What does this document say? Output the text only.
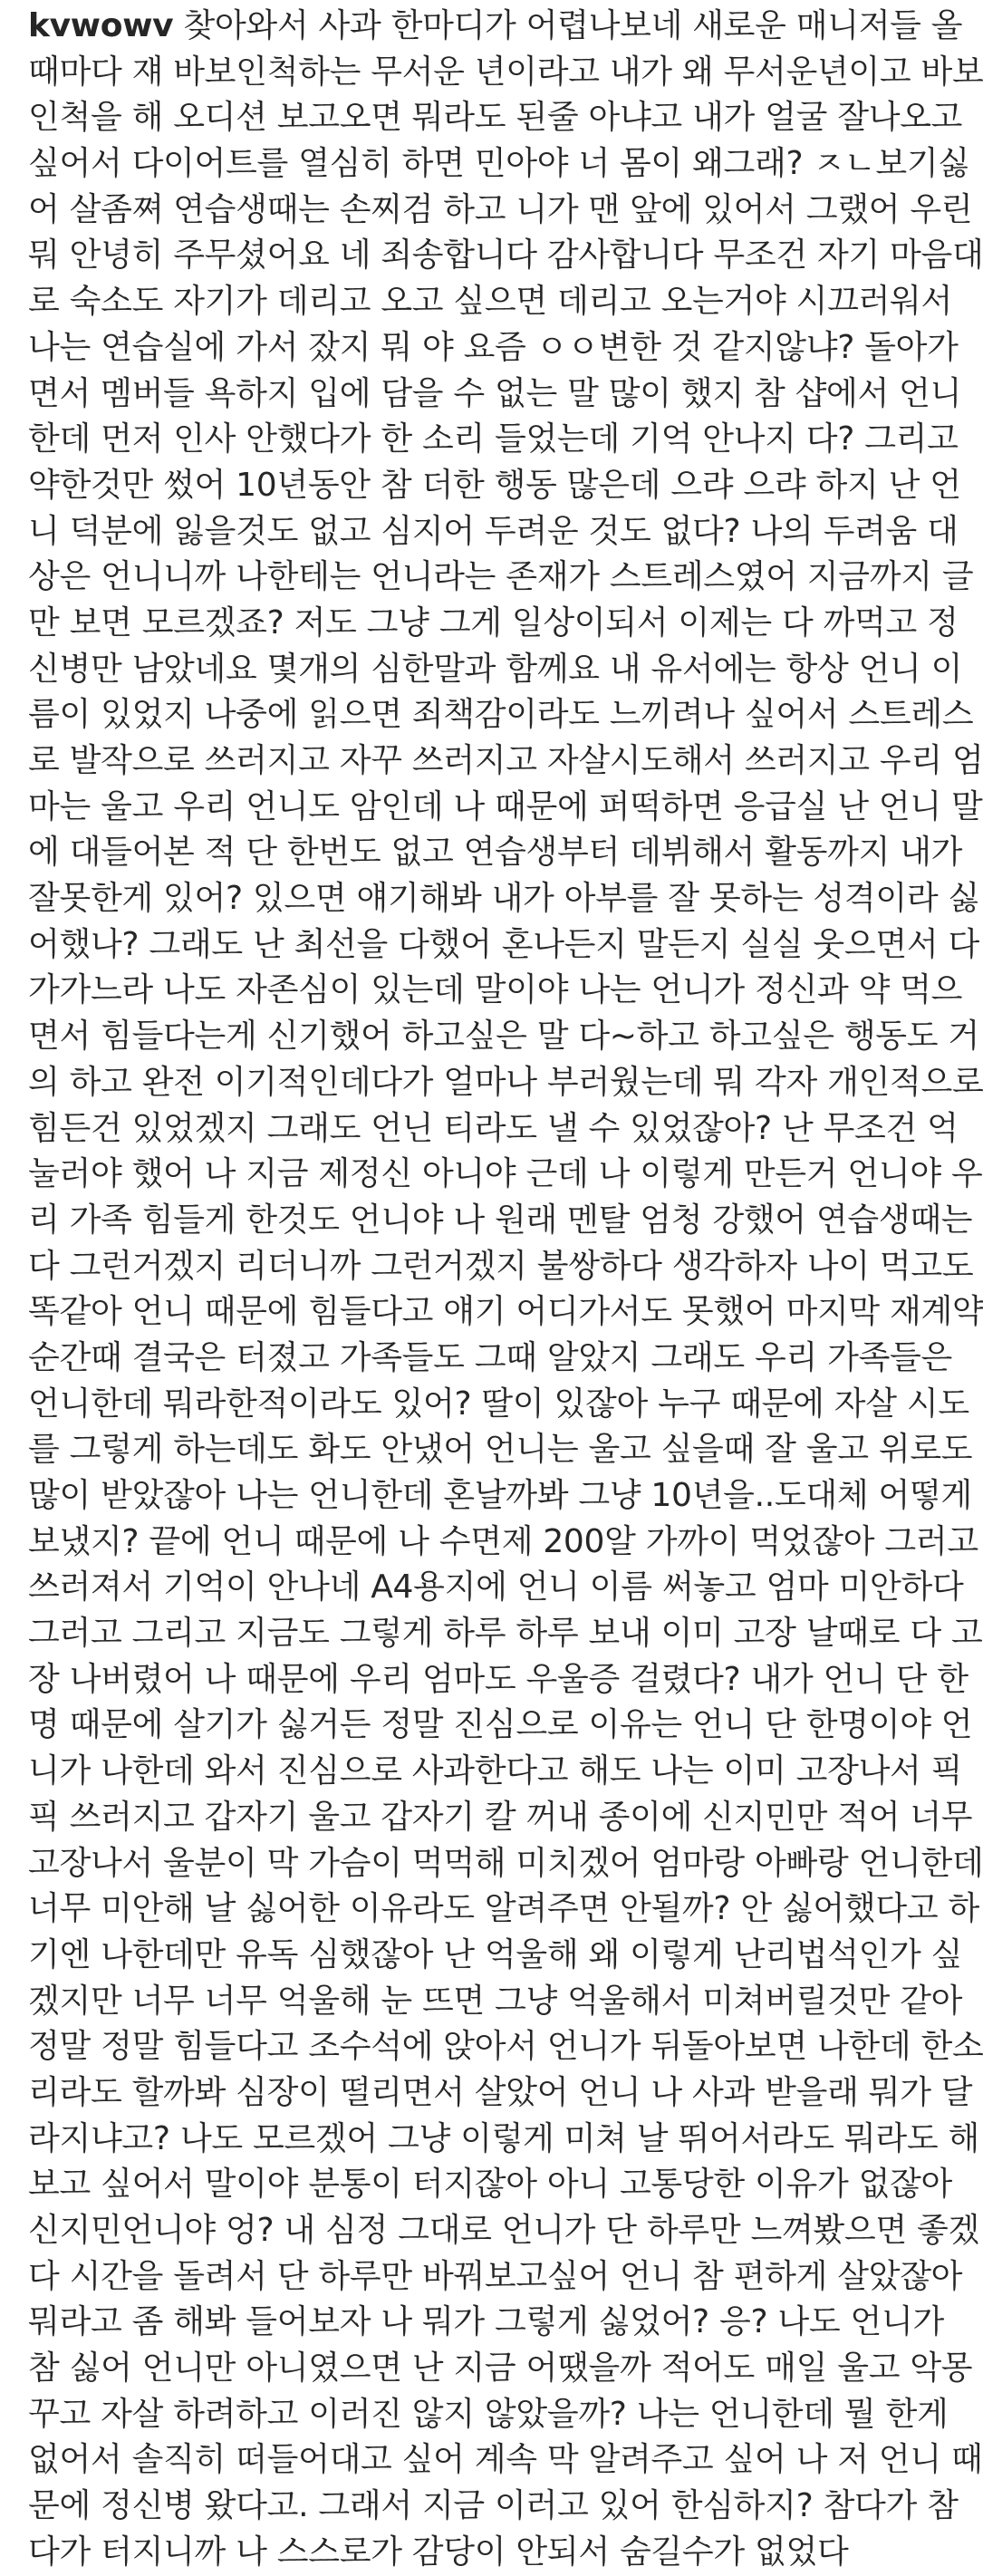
kvwowv 찾아와서 사과 한마디가 어렵나보네 새로운 매니저들 올
때마다 쟤 바보인척하는 무서운 년이라고 내가 왜 무서운년이고 바보
인척을 해 오디션 보고오면 뭐라도 된줄 아냐고 내가 얼굴 잘나오고
싶어서 다이어트를 열심히 하면 민아야 너 몸이 왜그래? ㅈㄴ보기싫
어 살좀쪄 연습생때는 손찌검 하고 니가 맨 앞에 있어서 그랬어 우린
뭐 안녕히 주무셨어요 네 죄송합니다 감사합니다 무조건 자기 마음대
로 숙소도 자기가 데리고 오고 싶으면 데리고 오는거야 시끄러워서
나는 연습실에 가서 잤지 뭐 야 요즘 ㅇㅇ변한 것 같지않냐? 돌아가
면서 멤버들 욕하지 입에 담을 수 없는 말 많이 했지 참 샵에서 언니
한데 먼저 인사 안했다가 한 소리 들었는데 기억 안나지 다? 그리고
약한것만 썼어 10년동안 참 더한 행동 많은데 으랴 으랴 하지 난 언
니 덕분에 잃을것도 없고 심지어 두려운 것도 없다? 나의 두려움 대
상은 언니니까 나한테는 언니라는 존재가 스트레스였어 지금까지 글
만 보면 모르겠죠? 저도 그냥 그게 일상이되서 이제는 다 까먹고 정
신병만 남았네요 몇개의 심한말과 함께요 내 유서에는 항상 언니 이
름이 있었지 나중에 읽으면 죄책감이라도 느끼려나 싶어서 스트레스
로 발작으로 쓰러지고 자꾸 쓰러지고 자살시도해서 쓰러지고 우리 엄
마는 울고 우리 언니도 암인데 나 때문에 퍼떡하면 응급실 난 언니 말
에 대들어본 적 단 한번도 없고 연습생부터 데뷔해서 활동까지 내가
잘못한게 있어? 있으면 얘기해봐 내가 아부를 잘 못하는 성격이라 싫
어했나? 그래도 난 최선을 다했어 혼나든지 말든지 실실 웃으면서 다
가가느라 나도 자존심이 있는데 말이야 나는 언니가 정신과 약 먹으
면서 힘들다는게 신기했어 하고싶은 말 다~하고 하고싶은 행동도 거
의 하고 완전 이기적인데다가 얼마나 부러웠는데 뭐 각자 개인적으로
힘든건 있었겠지 그래도 언닌 티라도 낼 수 있었잖아? 난 무조건 억
눌러야 했어 나 지금 제정신 아니야 근데 나 이렇게 만든거 언니야 우
리 가족 힘들게 한것도 언니야 나 원래 멘탈 엄청 강했어 연습생때는
다 그런거겠지 리더니까 그런거겠지 불쌍하다 생각하자 나이 먹고도
똑같아 언니 때문에 힘들다고 얘기 어디가서도 못했어 마지막 재계약
순간때 결국은 터졌고 가족들도 그때 알았지 그래도 우리 가족들은
언니한데 뭐라한적이라도 있어? 딸이 있잖아 누구 때문에 자살 시도
를 그렇게 하는데도 화도 안냈어 언니는 울고 싶을때 잘 울고 위로도
많이 받았잖아 나는 언니한데 혼날까봐 그냥 10년을..도대체 어떻게
보냈지? 끝에 언니 때문에 나 수면제 200알 가까이 먹었잖아 그러고
쓰러져서 기억이 안나네 A4용지에 언니 이름 써놓고 엄마 미안하다
그러고 그리고 지금도 그렇게 하루 하루 보내 이미 고장 날때로 다 고
장 나버렸어 나 때문에 우리 엄마도 우울증 걸렸다? 내가 언니 단 한
명 때문에 살기가 싫거든 정말 진심으로 이유는 언니 단 한명이야 언
니가 나한데 와서 진심으로 사과한다고 해도 나는 이미 고장나서 픽
픽 쓰러지고 갑자기 울고 갑자기 칼 꺼내 종이에 신지민만 적어 너무
고장나서 울분이 막 가슴이 먹먹해 미치겠어 엄마랑 아빠랑 언니한데
너무 미안해 날 싫어한 이유라도 알려주면 안될까? 안 싫어했다고 하
기엔 나한데만 유독 심했잖아 난 억울해 왜 이렇게 난리법석인가 싶
겠지만 너무 너무 억울해 눈 뜨면 그냥 억울해서 미쳐버릴것만 같아
정말 정말 힘들다고 조수석에 앉아서 언니가 뒤돌아보면 나한데 한소
리라도 할까봐 심장이 떨리면서 살았어 언니 나 사과 받을래 뭐가 달
라지냐고? 나도 모르겠어 그냥 이렇게 미쳐 날 뛰어서라도 뭐라도 해
보고 싶어서 말이야 분통이 터지잖아 아니 고통당한 이유가 없잖아
신지민언니야 엉? 내 심정 그대로 언니가 단 하루만 느껴봤으면 좋겠
다 시간을 돌려서 단 하루만 바꿔보고싶어 언니 참 편하게 살았잖아
뭐라고 좀 해봐 들어보자 나 뭐가 그렇게 싫었어? 응? 나도 언니가
참 싫어 언니만 아니였으면 난 지금 어땠을까 적어도 매일 울고 악몽
꾸고 자살 하려하고 이러진 않지 않았을까? 나는 언니한데 뭘 한게
없어서 솔직히 떠들어대고 싶어 계속 막 알려주고 싶어 나 저 언니 때
문에 정신병 왔다고. 그래서 지금 이러고 있어 한심하지? 참다가 참
다가 터지니까 나 스스로가 감당이 안되서 숨길수가 없었다
